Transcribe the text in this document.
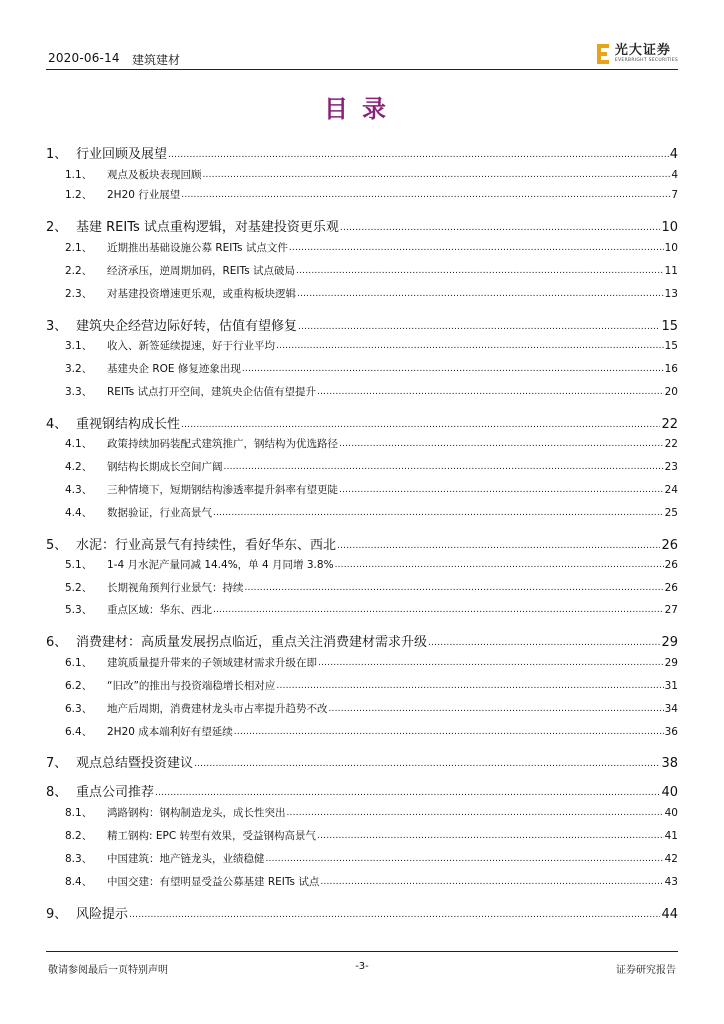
2020-06-14 建筑建材
光大证券
EVERBRIGHT SECURITIES
目录
1、 行业回顾及展望 .....	4
1.1、	观点及板块表现回顾 .....	4
1.2、	2H20 行业展望 .....	7
2、 基建 REITs 试点重构逻辑，对基建投资更乐观 .....	10
2.1、	近期推出基础设施公募 REITs 试点文件 .....	10
2.2、	经济承压，逆周期加码，REITs 试点破局 .....	11
2.3、	对基建投资增速更乐观，或重构板块逻辑 .....	13
3、 建筑央企经营边际好转，估值有望修复 .....	15
3.1、	收入、新签延续提速，好于行业平均 .....	15
3.2、	基建央企 ROE 修复迹象出现 .....	16
3.3、	REITs 试点打开空间，建筑央企估值有望提升 .....	20
4、 重视钢结构成长性 .....	22
4.1、	政策持续加码装配式建筑推广，钢结构为优选路径 .....	22
4.2、	钢结构长期成长空间广阔 .....	23
4.3、	三种情境下，短期钢结构渗透率提升斜率有望更陡 .....	24
4.4、	数据验证，行业高景气 .....	25
5、 水泥：行业高景气有持续性，看好华东、西北 .....	26
5.1、	1-4 月水泥产量同减 14.4%，单 4 月同增 3.8% .....	26
5.2、	长期视角预判行业景气：持续 .....	26
5.3、	重点区域：华东、西北 .....	27
6、 消费建材：高质量发展拐点临近，重点关注消费建材需求升级 .....	29
6.1、	建筑质量提升带来的子领域建材需求升级在即 .....	29
6.2、	“旧改”的推出与投资端稳增长相对应 .....	31
6.3、	地产后周期，消费建材龙头市占率提升趋势不改 .....	34
6.4、	2H20 成本端利好有望延续 .....	36
7、 观点总结暨投资建议 .....	38
8、 重点公司推荐 .....	40
8.1、	鸿路钢构：钢构制造龙头，成长性突出 .....	40
8.2、	精工钢构: EPC 转型有效果，受益钢构高景气 .....	41
8.3、	中国建筑：地产链龙头，业绩稳健 .....	42
8.4、	中国交建：有望明显受益公募基建 REITs 试点 .....	43
9、 风险提示 .....	44
敬请参阅最后一页特别声明	-3-	证券研究报告
